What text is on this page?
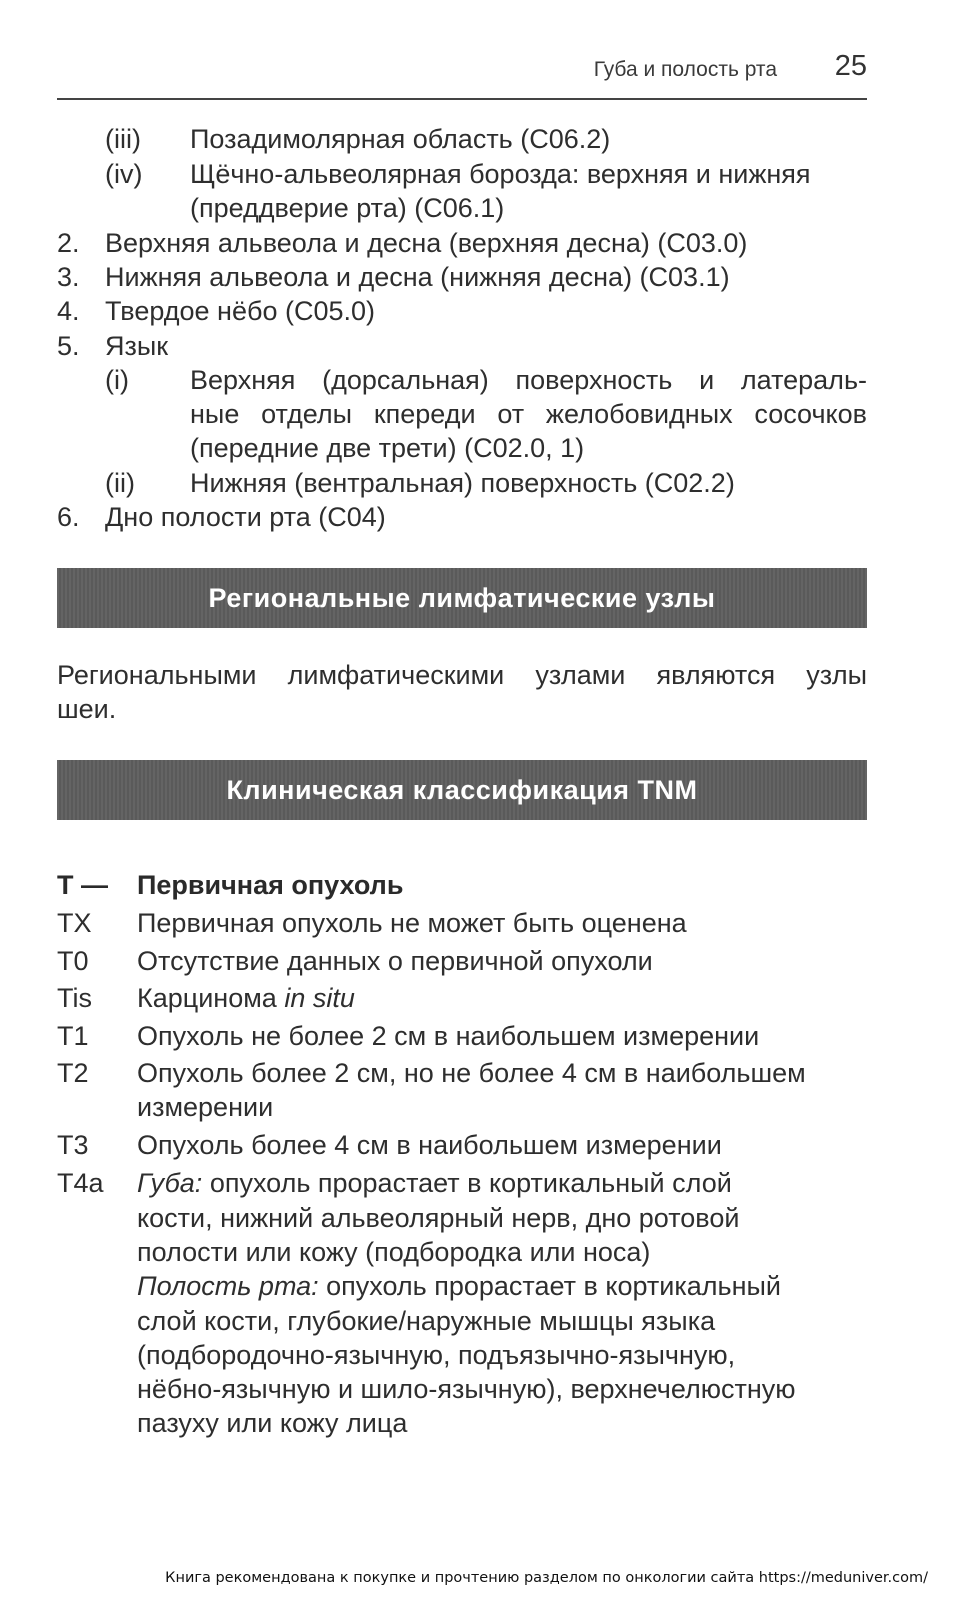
Губа и полость рта 25
(iii) Позадимолярная область (С06.2)
(iv) Щёчно-альвеолярная борозда: верхняя и нижняя
(преддверие рта) (С06.1)
2. Верхняя альвеола и десна (верхняя десна) (С03.0)
3. Нижняя альвеола и десна (нижняя десна) (С03.1)
4. Твердое нёбо (С05.0)
5. Язык
(i) Верхняя (дорсальная) поверхность и латераль-
ные отделы кпереди от желобовидных сосочков
(передние две трети) (С02.0, 1)
(ii) Нижняя (вентральная) поверхность (С02.2)
6. Дно полости рта (С04)
Региональные лимфатические узлы
Региональными лимфатическими узлами являются узлы
шеи.
Клиническая классификация TNM
T — Первичная опухоль
TX Первичная опухоль не может быть оценена
T0 Отсутствие данных о первичной опухоли
Tis Карцинома in situ
T1 Опухоль не более 2 см в наибольшем измерении
T2 Опухоль более 2 см, но не более 4 см в наибольшем
измерении
T3 Опухоль более 4 см в наибольшем измерении
T4a Губа: опухоль прорастает в кортикальный слой
кости, нижний альвеолярный нерв, дно ротовой
полости или кожу (подбородка или носа)
Полость рта: опухоль прорастает в кортикальный
слой кости, глубокие/наружные мышцы языка
(подбородочно-язычную, подъязычно-язычную,
нёбно-язычную и шило-язычную), верхнечелюстную
пазуху или кожу лица
Книга рекомендована к покупке и прочтению разделом по онкологии сайта https://meduniver.com/
